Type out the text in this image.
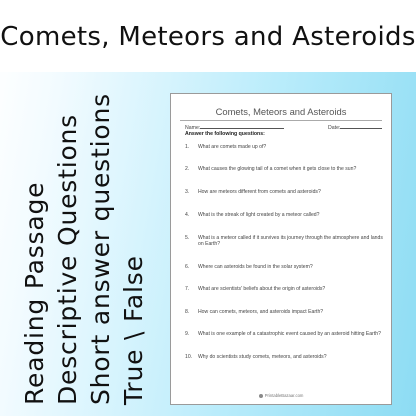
Comets, Meteors and Asteroids
Reading Passage Descriptive Questions Short answer questions True \ False
Comets, Meteors and Asteroids
Name:	Date:
Answer the following questions:
1. What are comets made up of?
2. What causes the glowing tail of a comet when it gets close to the sun?
3. How are meteors different from comets and asteroids?
4. What is the streak of light created by a meteor called?
5. What is a meteor called if it survives its journey through the atmosphere and lands on Earth?
6. Where can asteroids be found in the solar system?
7. What are scientists' beliefs about the origin of asteroids?
8. How can comets, meteors, and asteroids impact Earth?
9. What is one example of a catastrophic event caused by an asteroid hitting Earth?
10. Why do scientists study comets, meteors, and asteroids?
PrintableBazaar.com
